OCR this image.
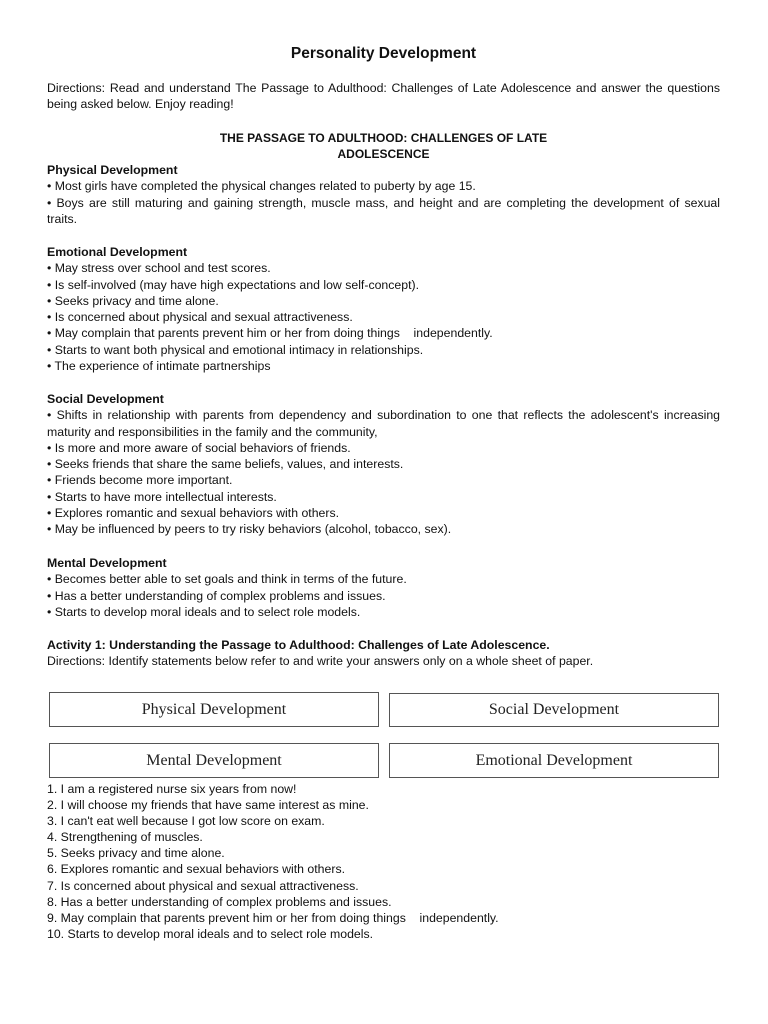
Personality Development
Directions: Read and understand The Passage to Adulthood: Challenges of Late Adolescence and answer the questions being asked below. Enjoy reading!
THE PASSAGE TO ADULTHOOD: CHALLENGES OF LATE
ADOLESCENCE
Physical Development
• Most girls have completed the physical changes related to puberty by age 15.
• Boys are still maturing and gaining strength, muscle mass, and height and are completing the development of sexual traits.
Emotional Development
• May stress over school and test scores.
• Is self-involved (may have high expectations and low self-concept).
• Seeks privacy and time alone.
• Is concerned about physical and sexual attractiveness.
• May complain that parents prevent him or her from doing things    independently.
• Starts to want both physical and emotional intimacy in relationships.
• The experience of intimate partnerships
Social Development
• Shifts in relationship with parents from dependency and subordination to one that reflects the adolescent's increasing maturity and responsibilities in the family and the community,
• Is more and more aware of social behaviors of friends.
• Seeks friends that share the same beliefs, values, and interests.
• Friends become more important.
• Starts to have more intellectual interests.
• Explores romantic and sexual behaviors with others.
• May be influenced by peers to try risky behaviors (alcohol, tobacco, sex).
Mental Development
• Becomes better able to set goals and think in terms of the future.
• Has a better understanding of complex problems and issues.
• Starts to develop moral ideals and to select role models.
Activity 1: Understanding the Passage to Adulthood: Challenges of Late Adolescence.
Directions: Identify statements below refer to and write your answers only on a whole sheet of paper.
Physical Development	Social Development
Mental Development	Emotional Development
1. I am a registered nurse six years from now!
2. I will choose my friends that have same interest as mine.
3. I can't eat well because I got low score on exam.
4. Strengthening of muscles.
5. Seeks privacy and time alone.
6. Explores romantic and sexual behaviors with others.
7. Is concerned about physical and sexual attractiveness.
8. Has a better understanding of complex problems and issues.
9. May complain that parents prevent him or her from doing things    independently.
10. Starts to develop moral ideals and to select role models.
